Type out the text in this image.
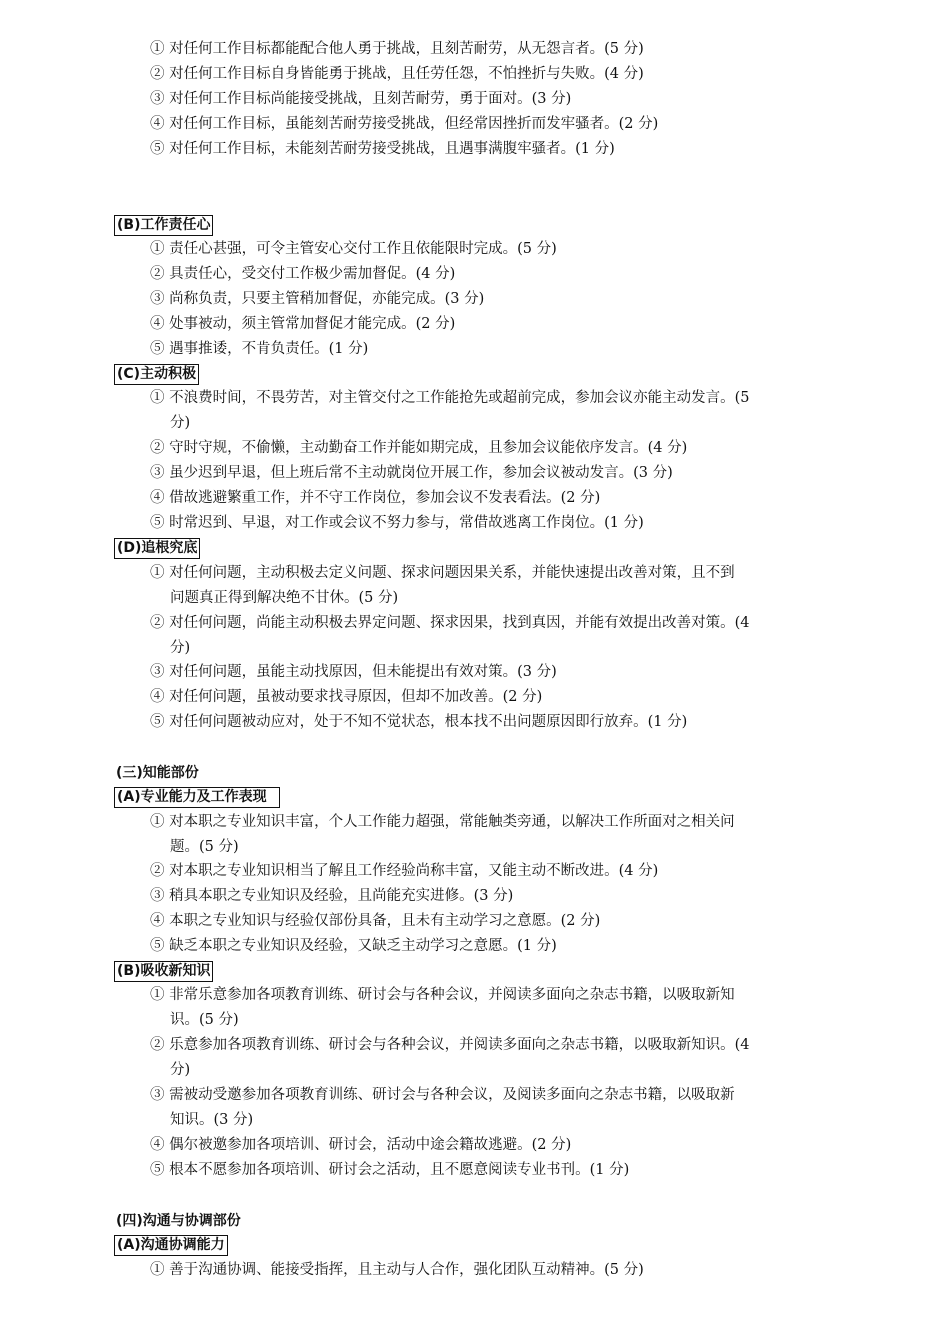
① 对任何工作目标都能配合他人勇于挑战，且刻苦耐劳，从无怨言者。(5 分)
② 对任何工作目标自身皆能勇于挑战，且任劳任怨，不怕挫折与失败。(4 分)
③ 对任何工作目标尚能接受挑战，且刻苦耐劳，勇于面对。(3 分)
④ 对任何工作目标，虽能刻苦耐劳接受挑战，但经常因挫折而发牢骚者。(2 分)
⑤ 对任何工作目标，未能刻苦耐劳接受挑战，且遇事满腹牢骚者。(1 分)
(B)工作责任心
① 责任心甚强，可令主管安心交付工作且依能限时完成。(5 分)
② 具责任心，受交付工作极少需加督促。(4 分)
③ 尚称负责，只要主管稍加督促，亦能完成。(3 分)
④ 处事被动，须主管常加督促才能完成。(2 分)
⑤ 遇事推诿，不肯负责任。(1 分)
(C)主动积极
① 不浪费时间，不畏劳苦，对主管交付之工作能抢先或超前完成，参加会议亦能主动发言。(5
分)
② 守时守规，不偷懒，主动勤奋工作并能如期完成，且参加会议能依序发言。(4 分)
③ 虽少迟到早退，但上班后常不主动就岗位开展工作，参加会议被动发言。(3 分)
④ 借故逃避繁重工作，并不守工作岗位，参加会议不发表看法。(2 分)
⑤ 时常迟到、早退，对工作或会议不努力参与，常借故逃离工作岗位。(1 分)
(D)追根究底
① 对任何问题，主动积极去定义问题、探求问题因果关系，并能快速提出改善对策，且不到
问题真正得到解决绝不甘休。(5 分)
② 对任何问题，尚能主动积极去界定问题、探求因果，找到真因，并能有效提出改善对策。(4
分)
③ 对任何问题，虽能主动找原因，但未能提出有效对策。(3 分)
④ 对任何问题，虽被动要求找寻原因，但却不加改善。(2 分)
⑤ 对任何问题被动应对，处于不知不觉状态，根本找不出问题原因即行放弃。(1 分)
(三)知能部份
(A)专业能力及工作表现
① 对本职之专业知识丰富，个人工作能力超强，常能触类旁通，以解决工作所面对之相关问
题。(5 分)
② 对本职之专业知识相当了解且工作经验尚称丰富，又能主动不断改进。(4 分)
③ 稍具本职之专业知识及经验，且尚能充实进修。(3 分)
④ 本职之专业知识与经验仅部份具备，且未有主动学习之意愿。(2 分)
⑤ 缺乏本职之专业知识及经验，又缺乏主动学习之意愿。(1 分)
(B)吸收新知识
① 非常乐意参加各项教育训练、研讨会与各种会议，并阅读多面向之杂志书籍，以吸取新知
识。(5 分)
② 乐意参加各项教育训练、研讨会与各种会议，并阅读多面向之杂志书籍，以吸取新知识。(4
分)
③ 需被动受邀参加各项教育训练、研讨会与各种会议，及阅读多面向之杂志书籍，以吸取新
知识。(3 分)
④ 偶尔被邀参加各项培训、研讨会，活动中途会籍故逃避。(2 分)
⑤ 根本不愿参加各项培训、研讨会之活动，且不愿意阅读专业书刊。(1 分)
(四)沟通与协调部份
(A)沟通协调能力
① 善于沟通协调、能接受指挥，且主动与人合作，强化团队互动精神。(5 分)
